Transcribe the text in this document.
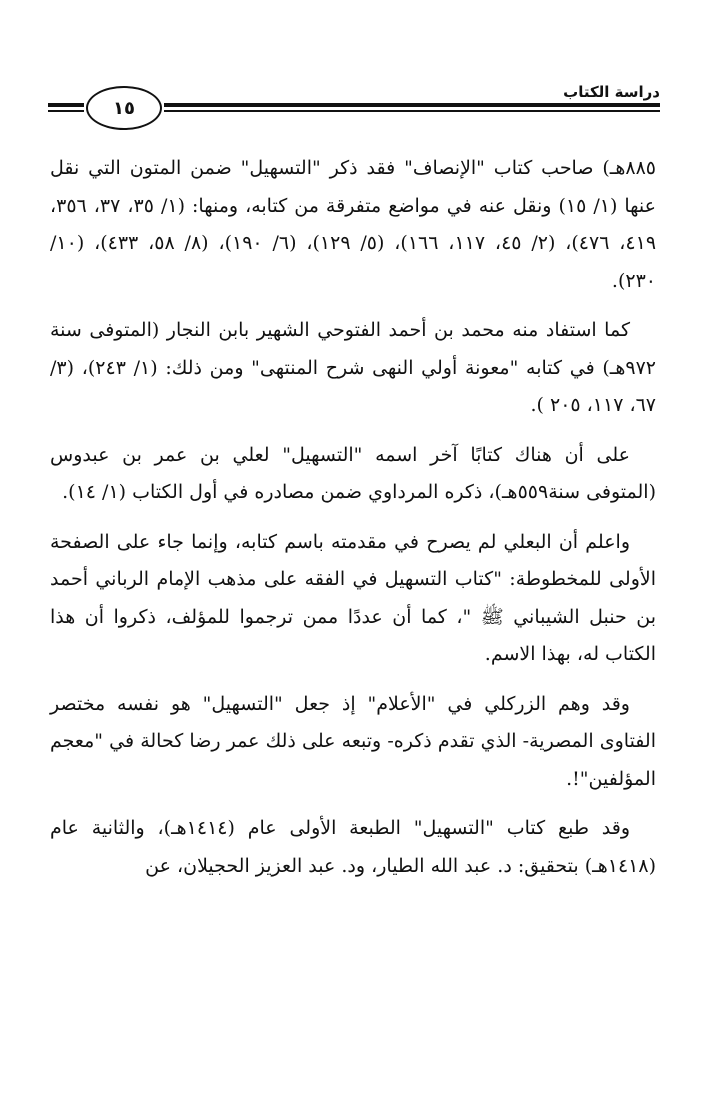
دراسة الكتاب
١٥

٨٨٥هـ) صاحب كتاب "الإنصاف" فقد ذكر "التسهيل" ضمن المتون التي نقل عنها (١/ ١٥) ونقل عنه في مواضع متفرقة من كتابه، ومنها: (١/ ٣٥، ٣٧، ٣٥٦، ٤١٩، ٤٧٦)، (٢/ ٤٥، ١١٧، ١٦٦)، (٥/ ١٢٩)، (٦/ ١٩٠)، (٨/ ٥٨، ٤٣٣)، (١٠/ ٢٣٠).

كما استفاد منه محمد بن أحمد الفتوحي الشهير بابن النجار (المتوفى سنة ٩٧٢هـ) في كتابه "معونة أولي النهى شرح المنتهى" ومن ذلك: (١/ ٢٤٣)، (٣/ ٦٧، ١١٧، ٢٠٥ ).

على أن هناك كتابًا آخر اسمه "التسهيل" لعلي بن عمر بن عبدوس (المتوفى سنة٥٥٩هـ)، ذكره المرداوي ضمن مصادره في أول الكتاب (١/ ١٤).

واعلم أن البعلي لم يصرح في مقدمته باسم كتابه، وإنما جاء على الصفحة الأولى للمخطوطة: "كتاب التسهيل في الفقه على مذهب الإمام الرباني أحمد بن حنبل الشيباني ﷺ "، كما أن عددًا ممن ترجموا للمؤلف، ذكروا أن هذا الكتاب له، بهذا الاسم.

وقد وهم الزركلي في "الأعلام" إذ جعل "التسهيل" هو نفسه مختصر الفتاوى المصرية- الذي تقدم ذكره- وتبعه على ذلك عمر رضا كحالة في "معجم المؤلفين"!.

وقد طبع كتاب "التسهيل" الطبعة الأولى عام (١٤١٤هـ)، والثانية عام (١٤١٨هـ) بتحقيق: د. عبد الله الطيار، ود. عبد العزيز الحجيلان، عن
